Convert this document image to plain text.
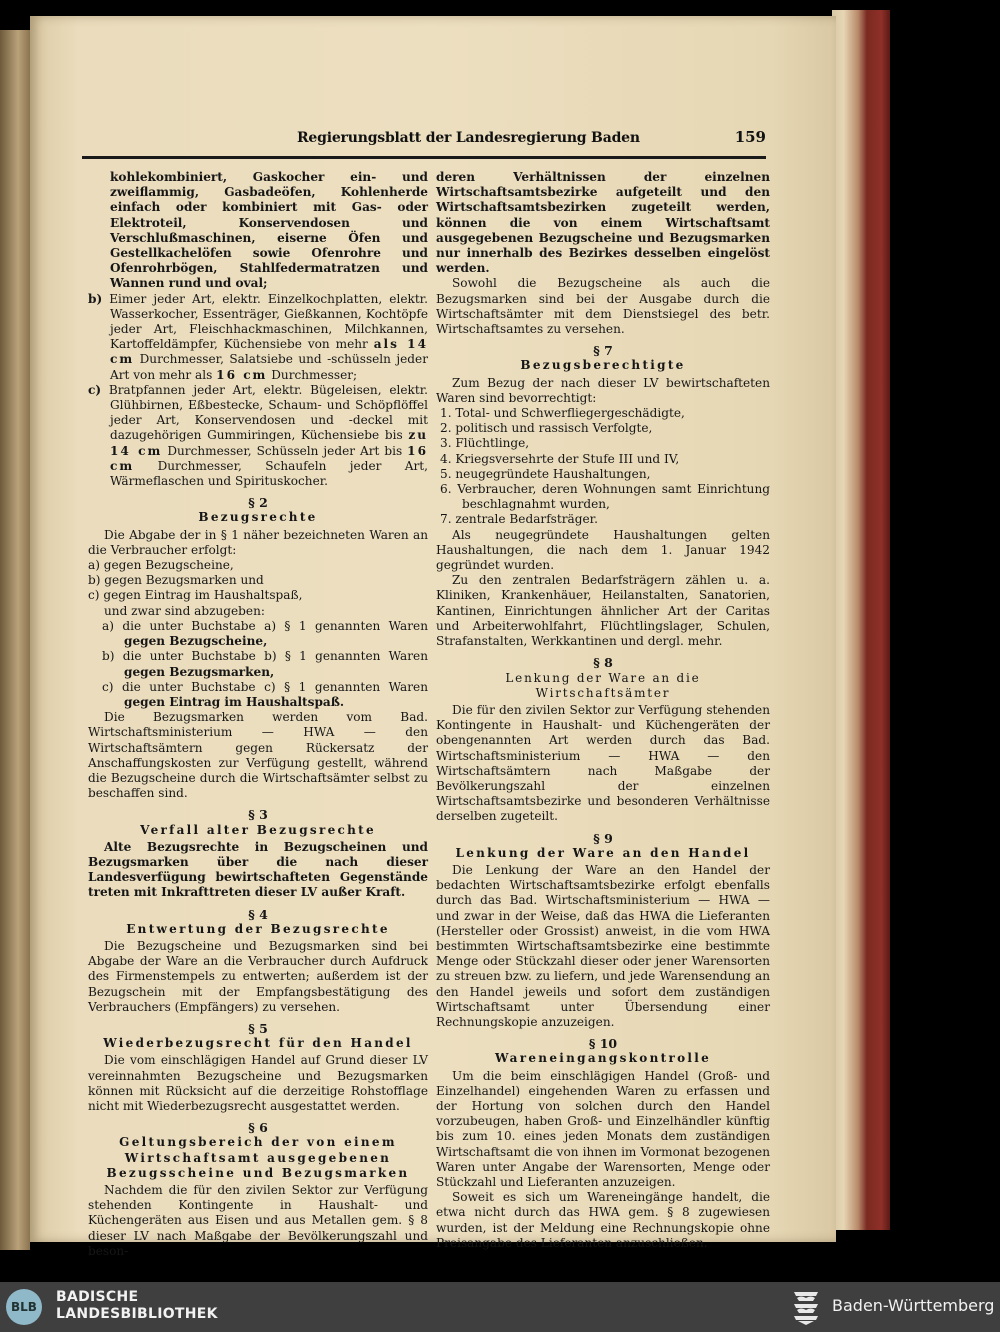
Regierungsblatt der Landesregierung Baden	159

kohlekombiniert, Gaskocher ein- und zweiflammig, Gasbadeöfen, Kohlenherde einfach oder kombiniert mit Gas- oder Elektroteil, Konservendosen und Verschlußmaschinen, eiserne Öfen und Gestellkachelöfen sowie Ofenrohre und Ofenrohrbögen, Stahlfedermatratzen und Wannen rund und oval;

b) Eimer jeder Art, elektr. Einzelkochplatten, elektr. Wasserkocher, Essenträger, Gießkannen, Kochtöpfe jeder Art, Fleischhackmaschinen, Milchkannen, Kartoffeldämpfer, Küchensiebe von mehr als 14 cm Durchmesser, Salatsiebe und -schüsseln jeder Art von mehr als 16 cm Durchmesser;

c) Bratpfannen jeder Art, elektr. Bügeleisen, elektr. Glühbirnen, Eßbestecke, Schaum- und Schöpflöffel jeder Art, Konservendosen und -deckel mit dazugehörigen Gummiringen, Küchensiebe bis zu 14 cm Durchmesser, Schüsseln jeder Art bis 16 cm Durchmesser, Schaufeln jeder Art, Wärmeflaschen und Spirituskocher.

§ 2

Bezugsrechte

Die Abgabe der in § 1 näher bezeichneten Waren an die Verbraucher erfolgt:

a) gegen Bezugscheine,

b) gegen Bezugsmarken und

c) gegen Eintrag im Haushaltspaß,

und zwar sind abzugeben:

a) die unter Buchstabe a) § 1 genannten Waren gegen Bezugscheine,

b) die unter Buchstabe b) § 1 genannten Waren gegen Bezugsmarken,

c) die unter Buchstabe c) § 1 genannten Waren gegen Eintrag im Haushaltspaß.

Die Bezugsmarken werden vom Bad. Wirtschaftsministerium — HWA — den Wirtschaftsämtern gegen Rückersatz der Anschaffungskosten zur Verfügung gestellt, während die Bezugscheine durch die Wirtschaftsämter selbst zu beschaffen sind.

§ 3

Verfall alter Bezugsrechte

Alte Bezugsrechte in Bezugscheinen und Bezugsmarken über die nach dieser Landesverfügung bewirtschafteten Gegenstände treten mit Inkrafttreten dieser LV außer Kraft.

§ 4

Entwertung der Bezugsrechte

Die Bezugscheine und Bezugsmarken sind bei Abgabe der Ware an die Verbraucher durch Aufdruck des Firmenstempels zu entwerten; außerdem ist der Bezugschein mit der Empfangsbestätigung des Verbrauchers (Empfängers) zu versehen.

§ 5

Wiederbezugsrecht für den Handel

Die vom einschlägigen Handel auf Grund dieser LV vereinnahmten Bezugscheine und Bezugsmarken können mit Rücksicht auf die derzeitige Rohstofflage nicht mit Wiederbezugsrecht ausgestattet werden.

§ 6

Geltungsbereich der von einem Wirtschaftsamt ausgegebenen Bezugsscheine und Bezugsmarken

Nachdem die für den zivilen Sektor zur Verfügung stehenden Kontingente in Haushalt- und Küchengeräten aus Eisen und aus Metallen gem. § 8 dieser LV nach Maßgabe der Bevölkerungszahl und beson-

deren Verhältnissen der einzelnen Wirtschaftsamtsbezirke aufgeteilt und den Wirtschaftsamtsbezirken zugeteilt werden, können die von einem Wirtschaftsamt ausgegebenen Bezugscheine und Bezugsmarken nur innerhalb des Bezirkes desselben eingelöst werden.

Sowohl die Bezugscheine als auch die Bezugsmarken sind bei der Ausgabe durch die Wirtschaftsämter mit dem Dienstsiegel des betr. Wirtschaftsamtes zu versehen.

§ 7

Bezugsberechtigte

Zum Bezug der nach dieser LV bewirtschafteten Waren sind bevorrechtigt:

1. Total- und Schwerfliegergeschädigte,

2. politisch und rassisch Verfolgte,

3. Flüchtlinge,

4. Kriegsversehrte der Stufe III und IV,

5. neugegründete Haushaltungen,

6. Verbraucher, deren Wohnungen samt Einrichtung beschlagnahmt wurden,

7. zentrale Bedarfsträger.

Als neugegründete Haushaltungen gelten Haushaltungen, die nach dem 1. Januar 1942 gegründet wurden.

Zu den zentralen Bedarfsträgern zählen u. a. Kliniken, Krankenhäuer, Heilanstalten, Sanatorien, Kantinen, Einrichtungen ähnlicher Art der Caritas und Arbeiterwohlfahrt, Flüchtlingslager, Schulen, Strafanstalten, Werkkantinen und dergl. mehr.

§ 8

Lenkung der Ware an die Wirtschaftsämter

Die für den zivilen Sektor zur Verfügung stehenden Kontingente in Haushalt- und Küchengeräten der obengenannten Art werden durch das Bad. Wirtschaftsministerium — HWA — den Wirtschaftsämtern nach Maßgabe der Bevölkerungszahl der einzelnen Wirtschaftsamtsbezirke und besonderen Verhältnisse derselben zugeteilt.

§ 9

Lenkung der Ware an den Handel

Die Lenkung der Ware an den Handel der bedachten Wirtschaftsamtsbezirke erfolgt ebenfalls durch das Bad. Wirtschaftsministerium — HWA — und zwar in der Weise, daß das HWA die Lieferanten (Hersteller oder Grossist) anweist, in die vom HWA bestimmten Wirtschaftsamtsbezirke eine bestimmte Menge oder Stückzahl dieser oder jener Warensorten zu streuen bzw. zu liefern, und jede Warensendung an den Handel jeweils und sofort dem zuständigen Wirtschaftsamt unter Übersendung einer Rechnungskopie anzuzeigen.

§ 10

Wareneingangskontrolle

Um die beim einschlägigen Handel (Groß- und Einzelhandel) eingehenden Waren zu erfassen und der Hortung von solchen durch den Handel vorzubeugen, haben Groß- und Einzelhändler künftig bis zum 10. eines jeden Monats dem zuständigen Wirtschaftsamt die von ihnen im Vormonat bezogenen Waren unter Angabe der Warensorten, Menge oder Stückzahl und Lieferanten anzuzeigen.

Soweit es sich um Wareneingänge handelt, die etwa nicht durch das HWA gem. § 8 zugewiesen wurden, ist der Meldung eine Rechnungskopie ohne Preisangabe des Lieferanten anzuschließen.

BLB
BADISCHE
LANDESBIBLIOTHEK	Baden-Württemberg
